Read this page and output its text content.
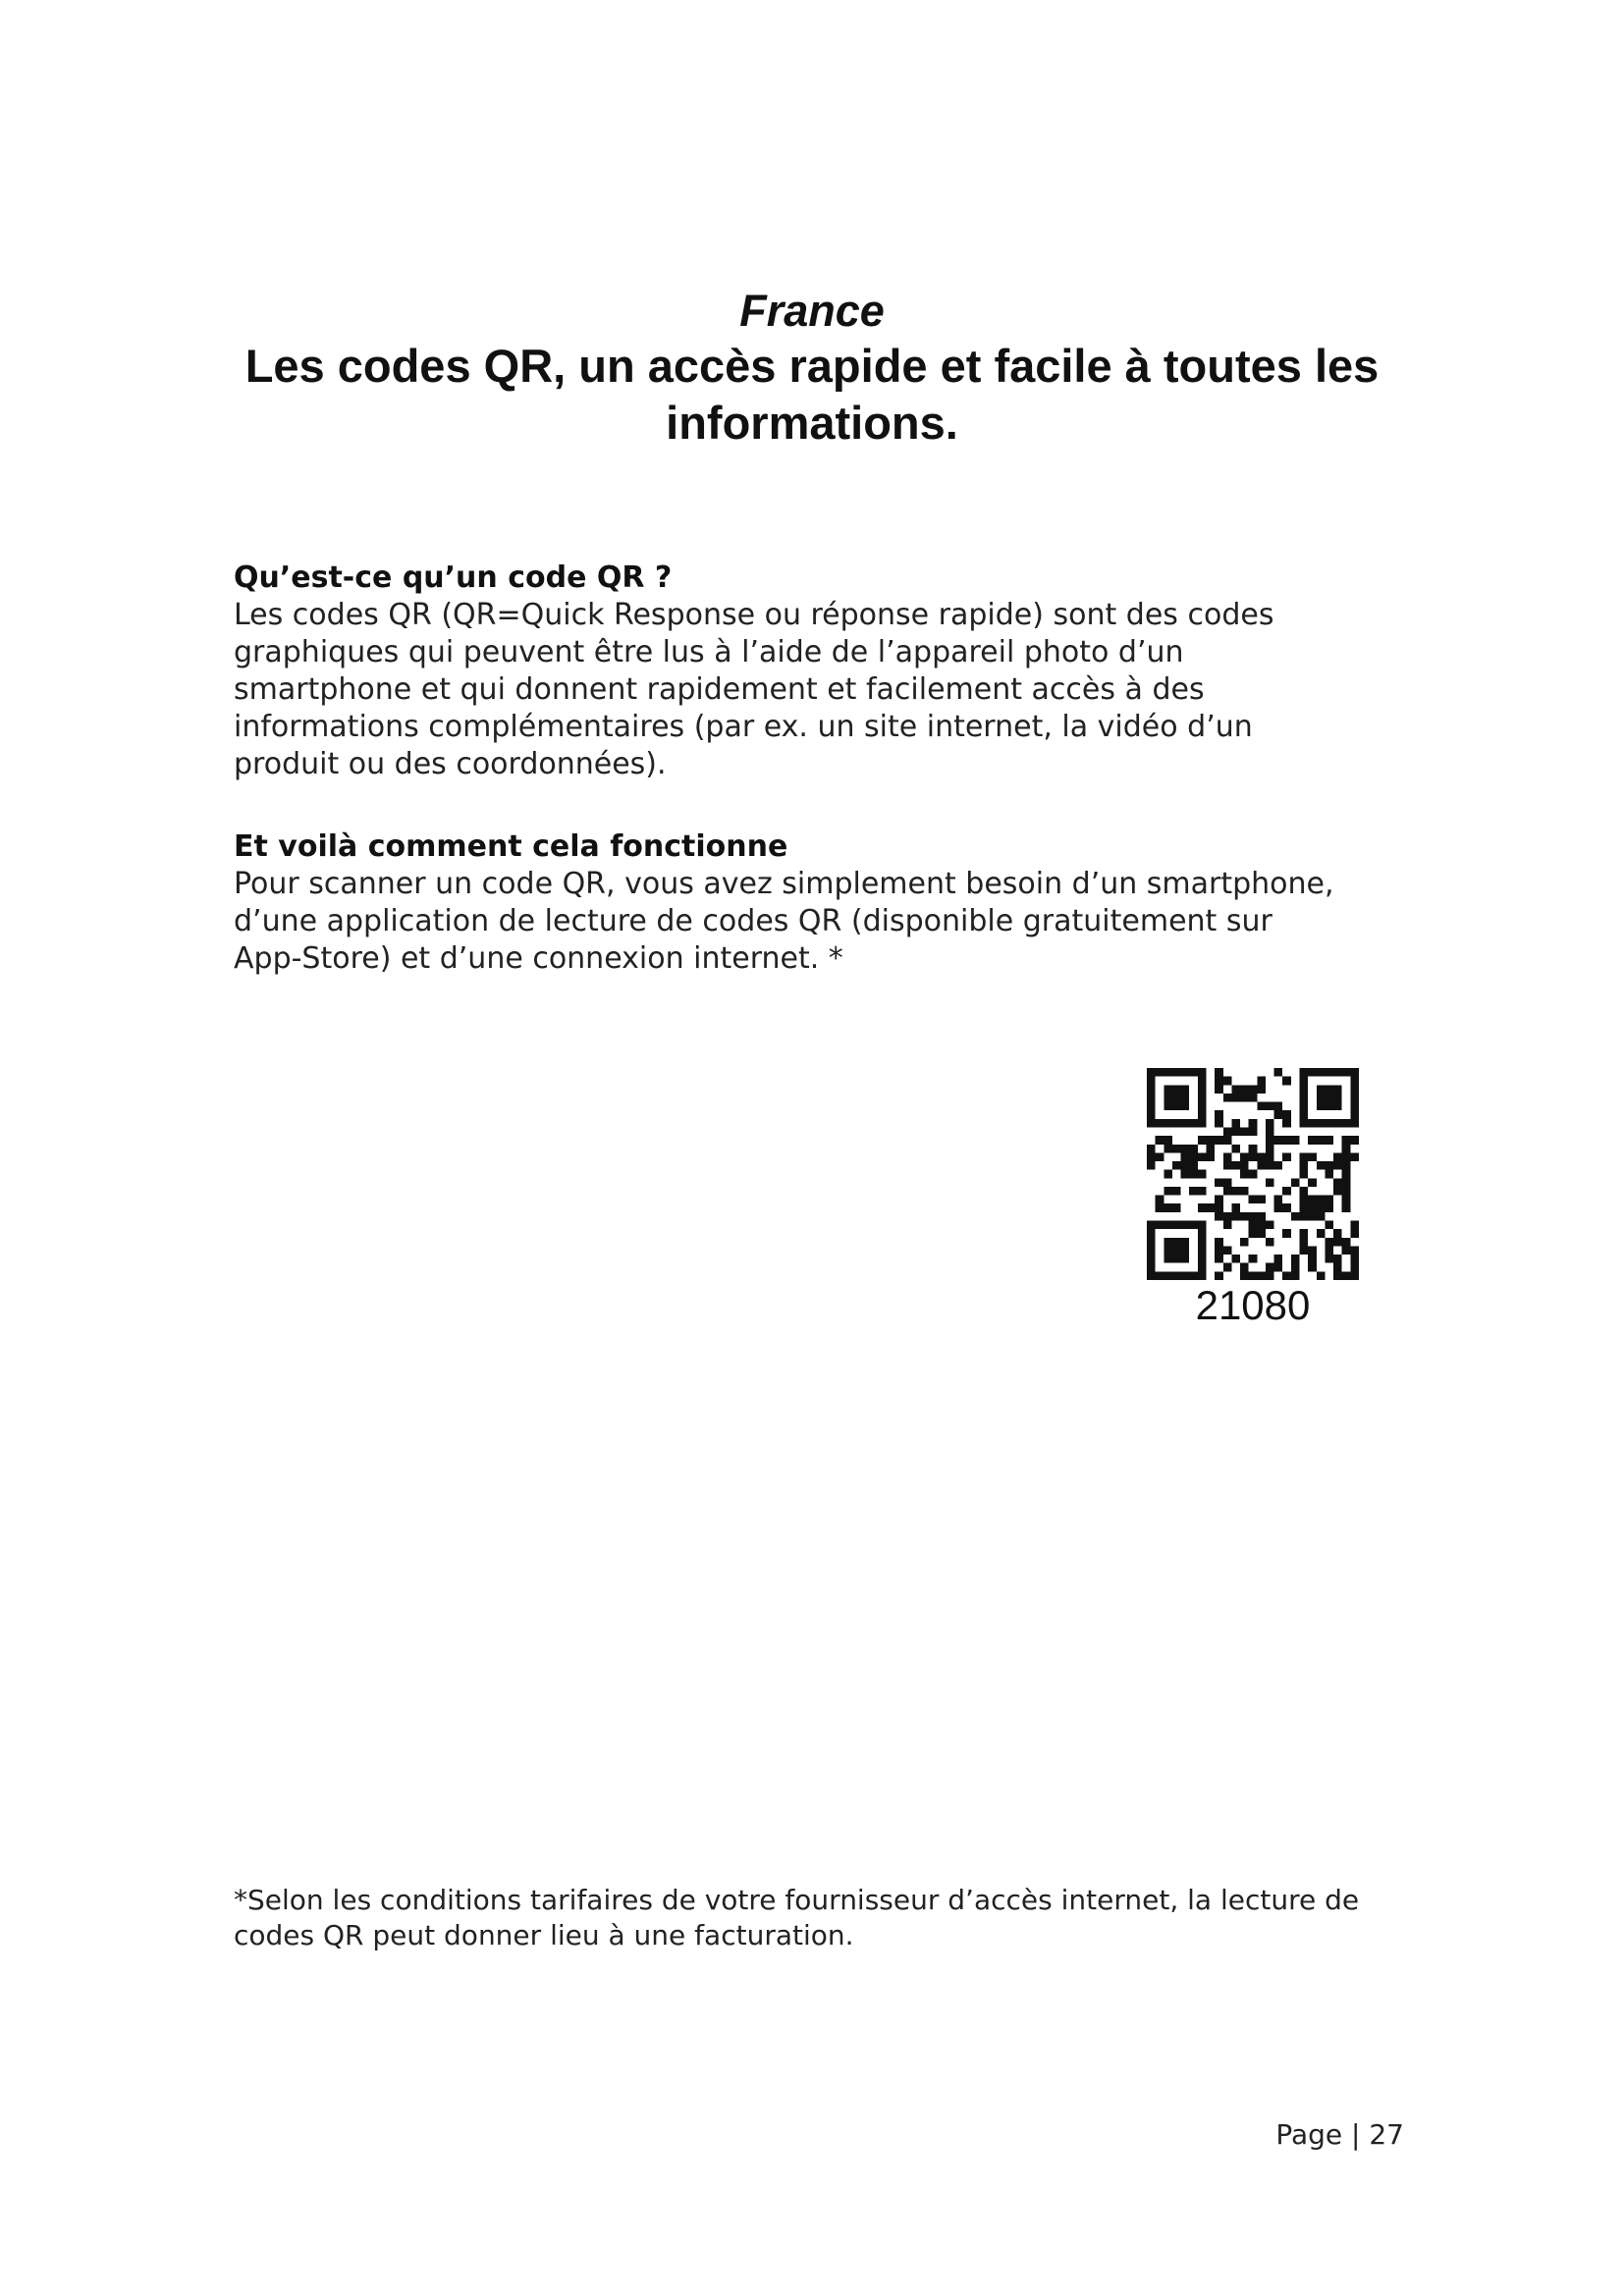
France

Les codes QR, un accès rapide et facile à toutes les informations.

Qu’est-ce qu’un code QR ?

Les codes QR (QR=Quick Response ou réponse rapide) sont des codes
graphiques qui peuvent être lus à l’aide de l’appareil photo d’un
smartphone et qui donnent rapidement et facilement accès à des
informations complémentaires (par ex. un site internet, la vidéo d’un
produit ou des coordonnées).

Et voilà comment cela fonctionne

Pour scanner un code QR, vous avez simplement besoin d’un smartphone,
d’une application de lecture de codes QR (disponible gratuitement sur
App-Store) et d’une connexion internet. *

21080

*Selon les conditions tarifaires de votre fournisseur d’accès internet, la lecture de
codes QR peut donner lieu à une facturation.

Page | 27
